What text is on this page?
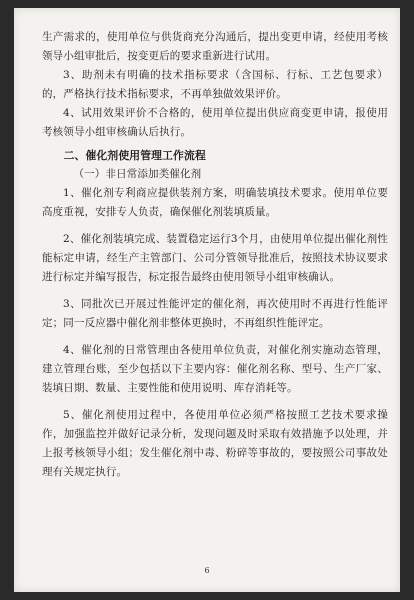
生产需求的，使用单位与供货商充分沟通后，提出变更申请，经使用考核领导小组审批后，按变更后的要求重新进行试用。

3、助剂未有明确的技术指标要求（含国标、行标、工艺包要求）的，严格执行技术指标要求，不再单独做效果评价。

4、试用效果评价不合格的，使用单位提出供应商变更申请，报使用考核领导小组审核确认后执行。

二、催化剂使用管理工作流程

（一）非日常添加类催化剂

1、催化剂专利商应提供装剂方案，明确装填技术要求。使用单位要高度重视，安排专人负责，确保催化剂装填质量。

2、催化剂装填完成、装置稳定运行3个月，由使用单位提出催化剂性能标定申请，经生产主管部门、公司分管领导批准后，按照技术协议要求进行标定并编写报告，标定报告最终由使用领导小组审核确认。

3、同批次已开展过性能评定的催化剂，再次使用时不再进行性能评定；同一反应器中催化剂非整体更换时，不再组织性能评定。

4、催化剂的日常管理由各使用单位负责，对催化剂实施动态管理，建立管理台账，至少包括以下主要内容：催化剂名称、型号、生产厂家、装填日期、数量、主要性能和使用说明、库存消耗等。

5、催化剂使用过程中，各使用单位必须严格按照工艺技术要求操作，加强监控并做好记录分析，发现问题及时采取有效措施予以处理，并上报考核领导小组；发生催化剂中毒、粉碎等事故的，要按照公司事故处理有关规定执行。

6
